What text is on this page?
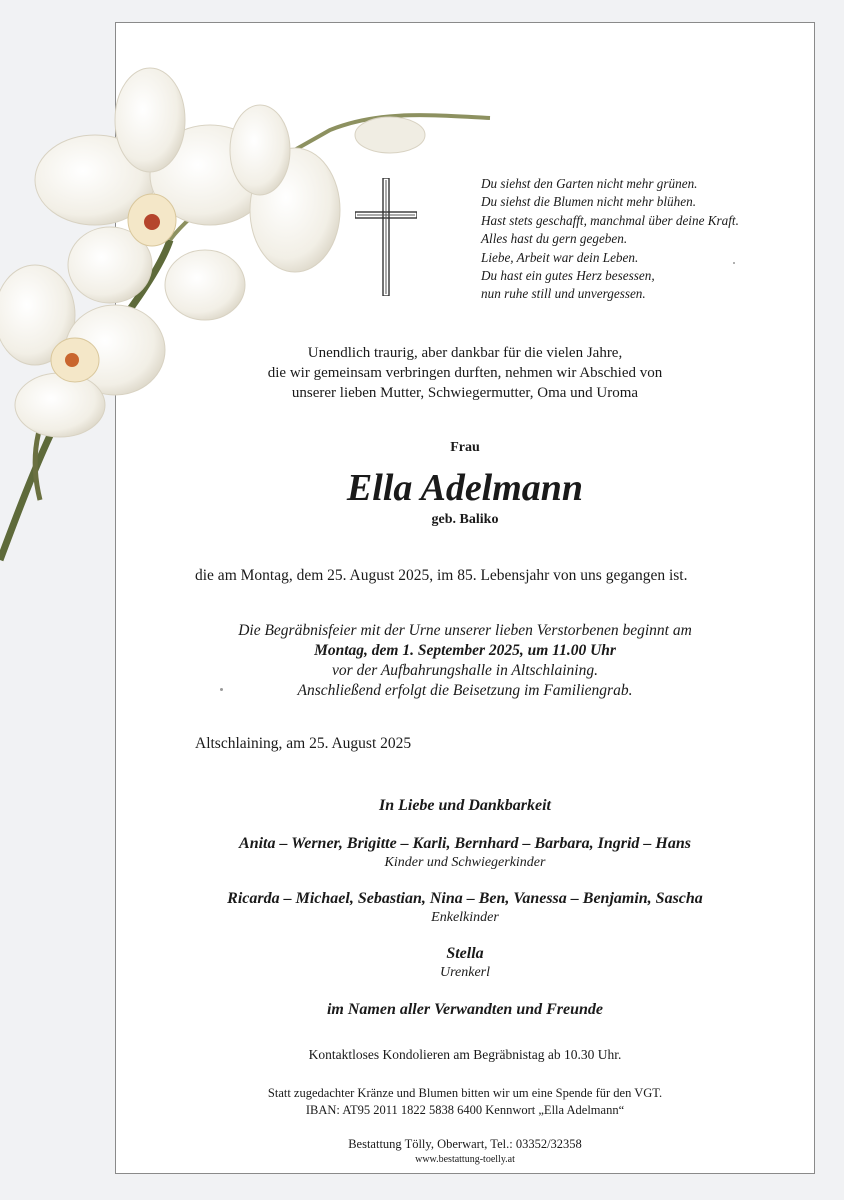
Du siehst den Garten nicht mehr grünen.
Du siehst die Blumen nicht mehr blühen.
Hast stets geschafft, manchmal über deine Kraft.
Alles hast du gern gegeben.
Liebe, Arbeit war dein Leben.
Du hast ein gutes Herz besessen,
nun ruhe still und unvergessen.
Unendlich traurig, aber dankbar für die vielen Jahre,
die wir gemeinsam verbringen durften, nehmen wir Abschied von
unserer lieben Mutter, Schwiegermutter, Oma und Uroma
Frau
Ella Adelmann
geb. Baliko
die am Montag, dem 25. August 2025, im 85. Lebensjahr von uns gegangen ist.
Die Begräbnisfeier mit der Urne unserer lieben Verstorbenen beginnt am
Montag, dem 1. September 2025, um 11.00 Uhr
vor der Aufbahrungshalle in Altschlaining.
Anschließend erfolgt die Beisetzung im Familiengrab.
Altschlaining, am 25. August 2025
In Liebe und Dankbarkeit
Anita – Werner, Brigitte – Karli, Bernhard – Barbara, Ingrid – Hans
Kinder und Schwiegerkinder
Ricarda – Michael, Sebastian, Nina – Ben, Vanessa – Benjamin, Sascha
Enkelkinder
Stella
Urenkerl
im Namen aller Verwandten und Freunde
Kontaktloses Kondolieren am Begräbnistag ab 10.30 Uhr.
Statt zugedachter Kränze und Blumen bitten wir um eine Spende für den VGT.
IBAN: AT95 2011 1822 5838 6400 Kennwort „Ella Adelmann“
Bestattung Tölly, Oberwart, Tel.: 03352/32358
www.bestattung-toelly.at
